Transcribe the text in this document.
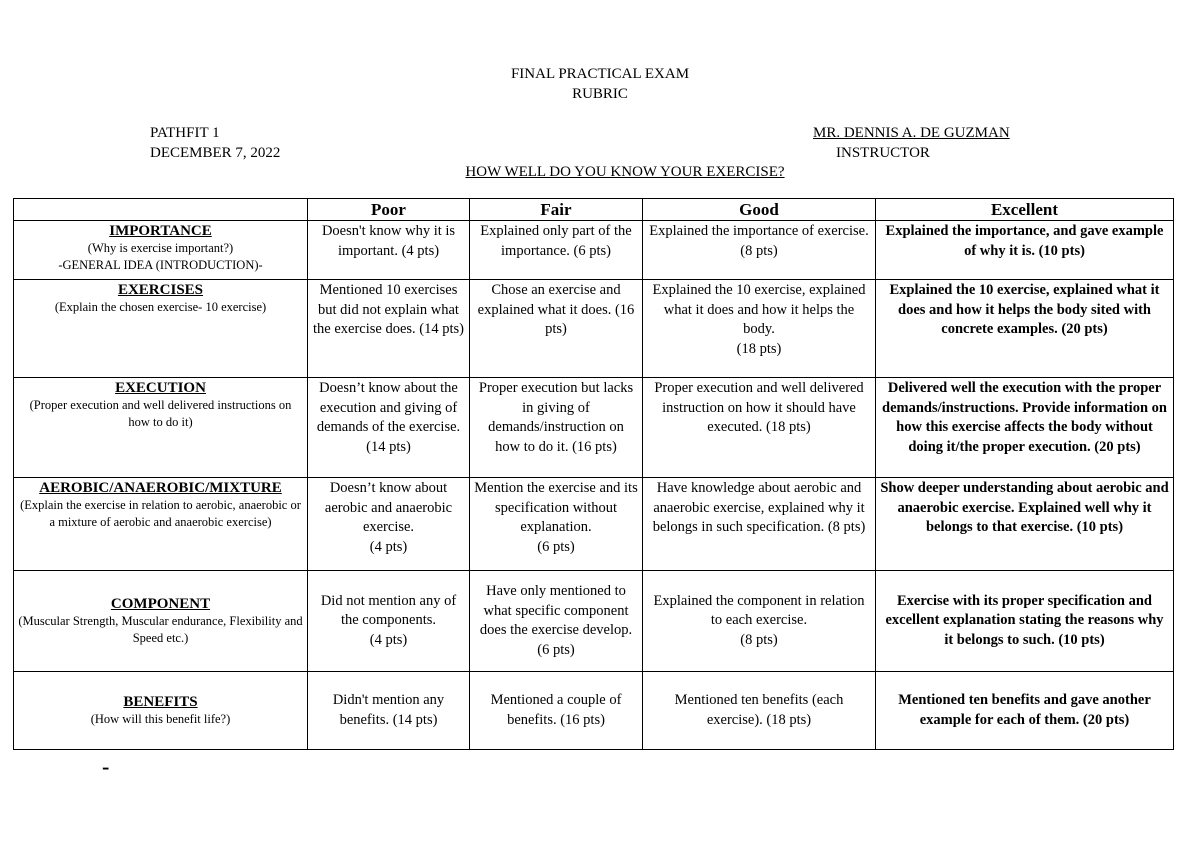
FINAL PRACTICAL EXAM
RUBRIC
PATHFIT 1
DECEMBER 7, 2022
MR. DENNIS A. DE GUZMAN
INSTRUCTOR
HOW WELL DO YOU KNOW YOUR EXERCISE?
	Poor	Fair	Good	Excellent

IMPORTANCE
(Why is exercise important?)
-GENERAL IDEA (INTRODUCTION)-	Doesn't know why it is important. (4 pts)	Explained only part of the importance. (6 pts)	Explained the importance of exercise. (8 pts)	Explained the importance, and gave example of why it is. (10 pts)

EXERCISES
(Explain the chosen exercise- 10 exercise)	Mentioned 10 exercises but did not explain what the exercise does. (14 pts)	Chose an exercise and explained what it does. (16 pts)	Explained the 10 exercise, explained what it does and how it helps the body.
(18 pts)	Explained the 10 exercise, explained what it does and how it helps the body sited with concrete examples. (20 pts)

EXECUTION
(Proper execution and well delivered instructions on how to do it)	Doesn’t know about the execution and giving of demands of the exercise. (14 pts)	Proper execution but lacks in giving of demands/instruction on how to do it. (16 pts)	Proper execution and well delivered instruction on how it should have executed. (18 pts)	Delivered well the execution with the proper demands/instructions. Provide information on how this exercise affects the body without doing it/the proper execution. (20 pts)

AEROBIC/ANAEROBIC/MIXTURE
(Explain the exercise in relation to aerobic, anaerobic or a mixture of aerobic and anaerobic exercise)	Doesn’t know about aerobic and anaerobic exercise.
(4 pts)	Mention the exercise and its specification without explanation.
(6 pts)	Have knowledge about aerobic and anaerobic exercise, explained why it belongs in such specification. (8 pts)	Show deeper understanding about aerobic and anaerobic exercise. Explained well why it belongs to that exercise. (10 pts)

COMPONENT
(Muscular Strength, Muscular endurance, Flexibility and Speed etc.)	Did not mention any of the components.
(4 pts)	Have only mentioned to what specific component does the exercise develop. (6 pts)	Explained the component in relation to each exercise.
(8 pts)	Exercise with its proper specification and excellent explanation stating the reasons why it belongs to such. (10 pts)

BENEFITS
(How will this benefit life?)	Didn't mention any benefits. (14 pts)	Mentioned a couple of benefits. (16 pts)	Mentioned ten benefits (each exercise). (18 pts)	Mentioned ten benefits and gave another example for each of them. (20 pts)
-
